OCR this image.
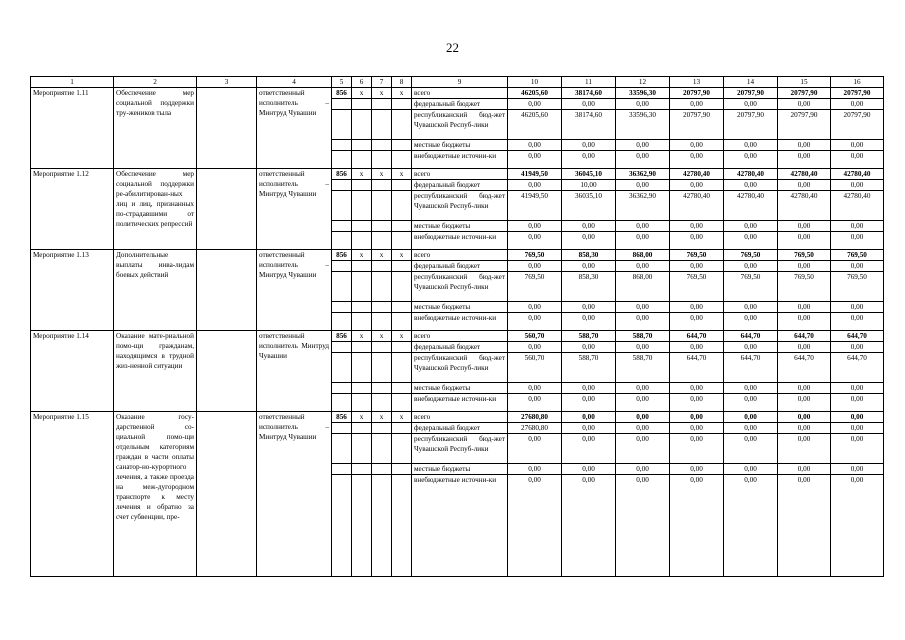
22
1	2	3	4	5	6	7	8	9	10	11	12	13	14	15	16
Мероприятие 1.11	Обеспечение мер социальной поддержки тру-жеников тыла		ответственный исполнитель – Минтруд Чувашии	856	x	x	x	всего	46205,60	38174,60	33596,30	20797,90	20797,90	20797,90	20797,90
								федеральный бюджет	0,00	0,00	0,00	0,00	0,00	0,00	0,00
								республиканский бюд-жет Чувашской Респуб-лики	46205,60	38174,60	33596,30	20797,90	20797,90	20797,90	20797,90
								местные бюджеты	0,00	0,00	0,00	0,00	0,00	0,00	0,00
								внебюджетные источни-ки	0,00	0,00	0,00	0,00	0,00	0,00	0,00
Мероприятие 1.12	Обеспечение мер социальной поддержки ре-абилитирован-ных лиц и лиц, признанных по-страдавшими от политических репрессий		ответственный исполнитель – Минтруд Чувашии	856	x	x	x	всего	41949,50	36045,10	36362,90	42780,40	42780,40	42780,40	42780,40
								федеральный бюджет	0,00	10,00	0,00	0,00	0,00	0,00	0,00
								республиканский бюд-жет Чувашской Респуб-лики	41949,50	36035,10	36362,90	42780,40	42780,40	42780,40	42780,40
								местные бюджеты	0,00	0,00	0,00	0,00	0,00	0,00	0,00
								внебюджетные источни-ки	0,00	0,00	0,00	0,00	0,00	0,00	0,00
Мероприятие 1.13	Дополнительные выплаты инва-лидам боевых действий		ответственный исполнитель – Минтруд Чувашии	856	x	x	x	всего	769,50	858,30	868,00	769,50	769,50	769,50	769,50
								федеральный бюджет	0,00	0,00	0,00	0,00	0,00	0,00	0,00
								республиканский бюд-жет Чувашской Респуб-лики	769,50	858,30	868,00	769,50	769,50	769,50	769,50
								местные бюджеты	0,00	0,00	0,00	0,00	0,00	0,00	0,00
								внебюджетные источни-ки	0,00	0,00	0,00	0,00	0,00	0,00	0,00
Мероприятие 1.14	Оказание мате-риальной помо-щи гражданам, находящимся в трудной жиз-ненной ситуации		ответственный исполнитель Минтруд Чувашии	856	x	x	x	всего	560,70	588,70	588,70	644,70	644,70	644,70	644,70
								федеральный бюджет	0,00	0,00	0,00	0,00	0,00	0,00	0,00
								республиканский бюд-жет Чувашской Респуб-лики	560,70	588,70	588,70	644,70	644,70	644,70	644,70
								местные бюджеты	0,00	0,00	0,00	0,00	0,00	0,00	0,00
								внебюджетные источни-ки	0,00	0,00	0,00	0,00	0,00	0,00	0,00
Мероприятие 1.15	Оказание госу-дарственной со-циальной помо-щи отдельным категориям граждан в части оплаты санатор-но-курортного лечения, а также проезда на меж-дугородном транспорте к месту лечения и обратно за счет субвенции, пре-		ответственный исполнитель – Минтруд Чувашии	856	x	x	x	всего	27680,80	0,00	0,00	0,00	0,00	0,00	0,00
								федеральный бюджет	27680,80	0,00	0,00	0,00	0,00	0,00	0,00
								республиканский бюд-жет Чувашской Респуб-лики	0,00	0,00	0,00	0,00	0,00	0,00	0,00
								местные бюджеты	0,00	0,00	0,00	0,00	0,00	0,00	0,00
								внебюджетные источни-ки	0,00	0,00	0,00	0,00	0,00	0,00	0,00
